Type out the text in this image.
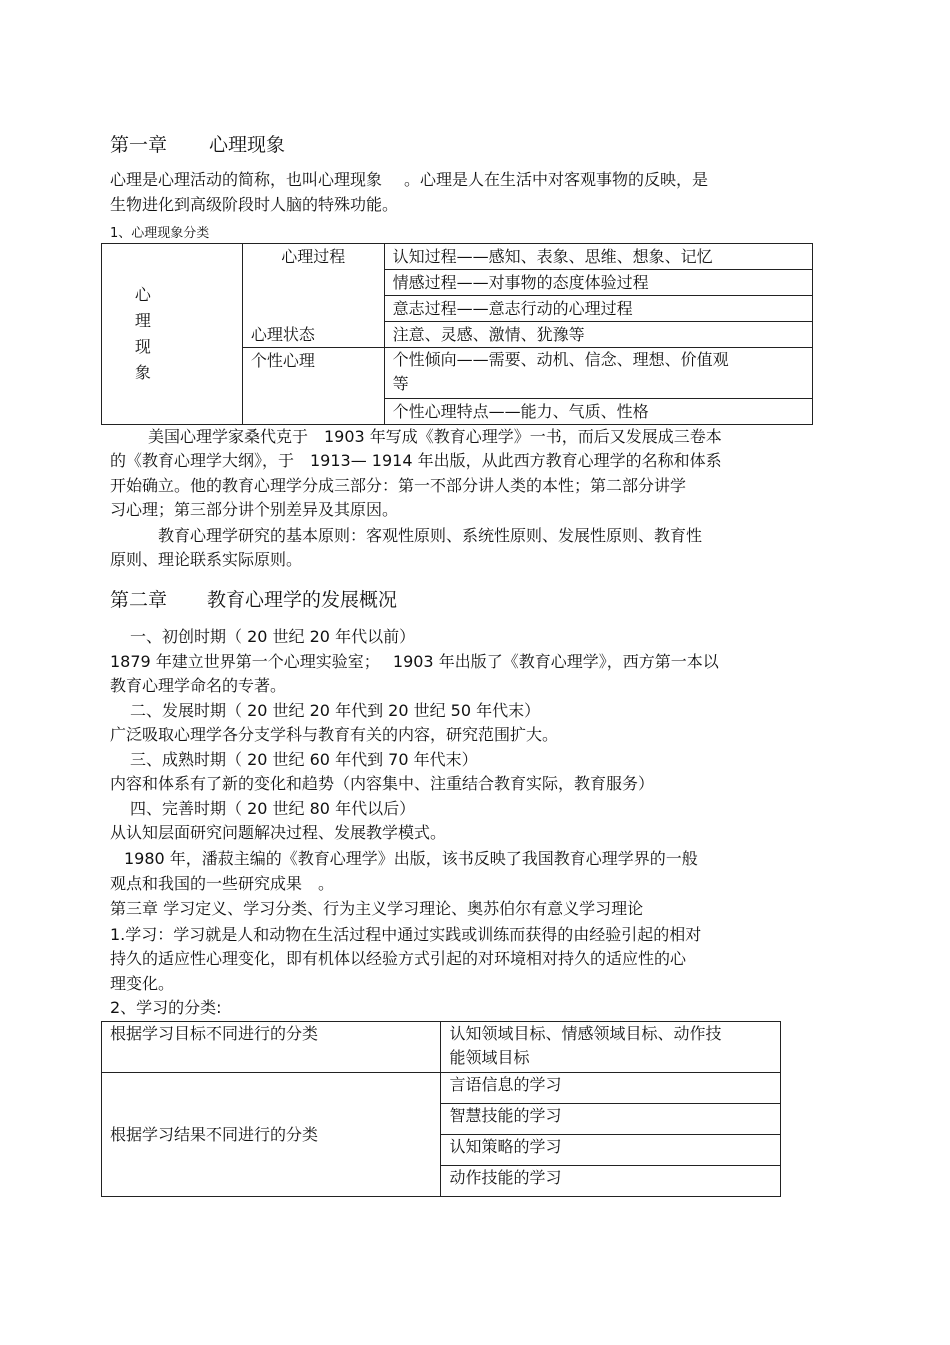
第一章 心理现象
心理是心理活动的简称，也叫心理现象 。心理是人在生活中对客观事物的反映，是
生物进化到高级阶段时人脑的特殊功能。
1、心理现象分类
心
理
现
象	心理过程	认知过程——感知、表象、思维、想象、记忆
		情感过程——对事物的态度体验过程
		意志过程——意志行动的心理过程
	心理状态	注意、灵感、激情、犹豫等
	个性心理	个性倾向——需要、动机、信念、理想、价值观
等

		个性心理特点——能力、气质、性格
美国心理学家桑代克于　1903 年写成《教育心理学》一书，而后又发展成三卷本
的《教育心理学大纲》，于　1913— 1914 年出版，从此西方教育心理学的名称和体系
开始确立。他的教育心理学分成三部分：第一不部分讲人类的本性；第二部分讲学
习心理；第三部分讲个别差异及其原因。
教育心理学研究的基本原则：客观性原则、系统性原则、发展性原则、教育性
原则、理论联系实际原则。
第二章 教育心理学的发展概况
一、初创时期（ 20 世纪 20 年代以前）
1879 年建立世界第一个心理实验室；　 1903 年出版了《教育心理学》，西方第一本以
教育心理学命名的专著。
二、发展时期（ 20 世纪 20 年代到 20 世纪 50 年代末）
广泛吸取心理学各分支学科与教育有关的内容，研究范围扩大。
三、成熟时期（ 20 世纪 60 年代到 70 年代末）
内容和体系有了新的变化和趋势（内容集中、注重结合教育实际，教育服务）
四、完善时期（ 20 世纪 80 年代以后）
从认知层面研究问题解决过程、发展教学模式。
1980 年，潘菽主编的《教育心理学》出版，该书反映了我国教育心理学界的一般
观点和我国的一些研究成果　。
第三章 学习定义、学习分类、行为主义学习理论、奥苏伯尔有意义学习理论
1.学习：学习就是人和动物在生活过程中通过实践或训练而获得的由经验引起的相对
持久的适应性心理变化，即有机体以经验方式引起的对环境相对持久的适应性的心
理变化。
2、学习的分类:
根据学习目标不同进行的分类	认知领域目标、情感领域目标、动作技
能领域目标

根据学习结果不同进行的分类	言语信息的学习
	智慧技能的学习
	认知策略的学习
	动作技能的学习
